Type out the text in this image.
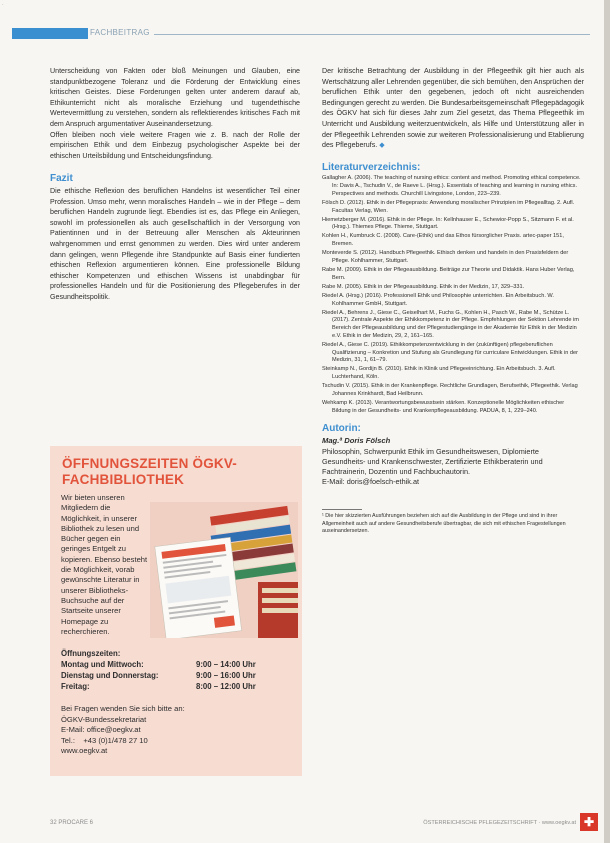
·
FACHBEITRAG

Unterscheidung von Fakten oder bloß Meinungen und Glauben, eine standpunktbezogene Toleranz und die Förderung der Entwicklung eines kritischen Geistes. Diese Forderungen gelten unter anderem darauf ab, Ethikunterricht nicht als moralische Erziehung und tugendethische Wertevermittlung zu verstehen, sondern als reflektierendes kritisches Fach mit dem Anspruch argumentativer Auseinandersetzung.

Offen bleiben noch viele weitere Fragen wie z. B. nach der Rolle der empirischen Ethik und dem Einbezug psychologischer Aspekte bei der ethischen Urteilsbildung und Entscheidungsfindung.

Fazit

Die ethische Reflexion des beruflichen Handelns ist wesentlicher Teil einer Profession. Umso mehr, wenn moralisches Handeln – wie in der Pflege – dem beruflichen Handeln zugrunde liegt. Ebendies ist es, das Pflege ein Anliegen, sowohl im professionellen als auch gesellschaftlich in der Versorgung von Patientinnen und in der Betreuung aller Menschen als Akteurinnen wahrgenommen und ernst genommen zu werden. Dies wird unter anderem dann gelingen, wenn Pflegende ihre Standpunkte auf Basis einer fundierten ethischen Reflexion argumentieren können. Eine professionelle Bildung ethischer Kompetenzen und ethischen Wissens ist unabdingbar für professionelles Handeln und für die Positionierung des Pflegeberufes in der Gesundheitspolitik.

ÖFFNUNGSZEITEN ÖGKV-FACHBIBLIOTHEK
Wir bieten unseren Mitgliedern die Möglichkeit, in unserer Bibliothek zu lesen und Bücher gegen ein geringes Entgelt zu kopieren. Ebenso besteht die Möglichkeit, vorab gewünschte Literatur in unserer Bibliotheks-Buchsuche auf der Startseite unserer Homepage zu recherchieren.
Öffnungszeiten:
Montag und Mittwoch:	9:00 – 14:00 Uhr
Dienstag und Donnerstag:	9:00 – 16:00 Uhr
Freitag:	8:00 – 12:00 Uhr
Bei Fragen wenden Sie sich bitte an:
ÖGKV-Bundessekretariat
E-Mail: office@oegkv.at
Tel.:    +43 (0)1/478 27 10
www.oegkv.at

Der kritische Betrachtung der Ausbildung in der Pflegeethik gilt hier auch als Wertschätzung aller Lehrenden gegenüber, die sich bemühen, den Ansprüchen der beruflichen Ethik unter den gegebenen, jedoch oft nicht ausreichenden Bedingungen gerecht zu werden. Die Bundesarbeitsgemeinschaft Pflegepädagogik des ÖGKV hat sich für dieses Jahr zum Ziel gesetzt, das Thema Pflegeethik im Unterricht und Ausbildung weiterzuentwickeln, als Hilfe und Unterstützung aller in der Pflegeethik Lehrenden sowie zur weiteren Professionalisierung und Etablierung des Pflegeberufs. ◆

Literaturverzeichnis:

Gallagher A. (2006). The teaching of nursing ethics: content and method. Promoting ethical competence. In: Davis A., Tschudin V., de Raeve L. (Hrsg.). Essentials of teaching and learning in nursing ethics. Perspectives and methods. Churchill Livingstone, London, 223–239.

Fölsch D. (2012). Ethik in der Pflegepraxis: Anwendung moralischer Prinzipien im Pflegealltag. 2. Aufl. Facultas Verlag, Wien.

Hiemetzberger M. (2016). Ethik in der Pflege. In: Kellnhauser E., Schewior-Popp S., Sitzmann F. et al. (Hrsg.). Thiemes Pflege. Thieme, Stuttgart.

Kohlen H., Kumbruck C. (2008). Care-(Ethik) und das Ethos fürsorglicher Praxis. artec-paper 151, Bremen.

Monteverde S. (2012). Handbuch Pflegeethik. Ethisch denken und handeln in den Praxisfeldern der Pflege. Kohlhammer, Stuttgart.

Rabe M. (2009). Ethik in der Pflegeausbildung. Beiträge zur Theorie und Didaktik. Hans Huber Verlag, Bern.

Rabe M. (2005). Ethik in der Pflegeausbildung. Ethik in der Medizin, 17, 329–331.

Riedel A. (Hrsg.) (2016). Professionell Ethik und Philosophie unterrichten. Ein Arbeitsbuch. W. Kohlhammer GmbH, Stuttgart.

Riedel A., Behrens J., Giese C., Geiselhart M., Fuchs G., Kohlen H., Pasch W., Rabe M., Schütze L. (2017). Zentrale Aspekte der Ethikkompetenz in der Pflege. Empfehlungen der Sektion Lehrende im Bereich der Pflegeausbildung und der Pflegestudiengänge in der Akademie für Ethik in der Medizin e.V. Ethik in der Medizin, 29, 2, 161–165.

Riedel A., Giese C. (2019). Ethikkompetenzentwicklung in der (zukünftigen) pflegeberuflichen Qualifizierung – Konkretion und Stufung als Grundlegung für curriculare Entwicklungen. Ethik in der Medizin, 31, 1, 61–79.

Steinkamp N., Gordijn B. (2010). Ethik in Klinik und Pflegeeinrichtung. Ein Arbeitsbuch. 3. Aufl. Luchterhand, Köln.

Tschudin V. (2015). Ethik in der Krankenpflege. Rechtliche Grundlagen, Berufsethik, Pflegeethik. Verlag Johannes Krinkhardt, Bad Heilbrunn.

Wehkamp K. (2013). Verantwortungsbewusstsein stärken. Konzeptionelle Möglichkeiten ethischer Bildung in der Gesundheits- und Krankenpflegeausbildung. PADUA, 8, 1, 229–240.

Autorin:
Mag.ª Doris Fölsch
Philosophin, Schwerpunkt Ethik im Gesundheitswesen, Diplomierte Gesundheits- und Krankenschwester, Zertifizierte Ethikberaterin und Fachtrainerin, Dozentin und Fachbuchautorin.
E-Mail: doris@foelsch-ethik.at
¹ Die hier skizzierten Ausführungen beziehen sich auf die Ausbildung in der Pflege und sind in ihrer Allgemeinheit auch auf andere Gesundheitsberufe übertragbar, die sich mit ethischen Fragestellungen auseinandersetzen.
32 PROCARE 6	ÖSTERREICHISCHE PFLEGEZEITSCHRIFT · www.oegkv.at ✚
